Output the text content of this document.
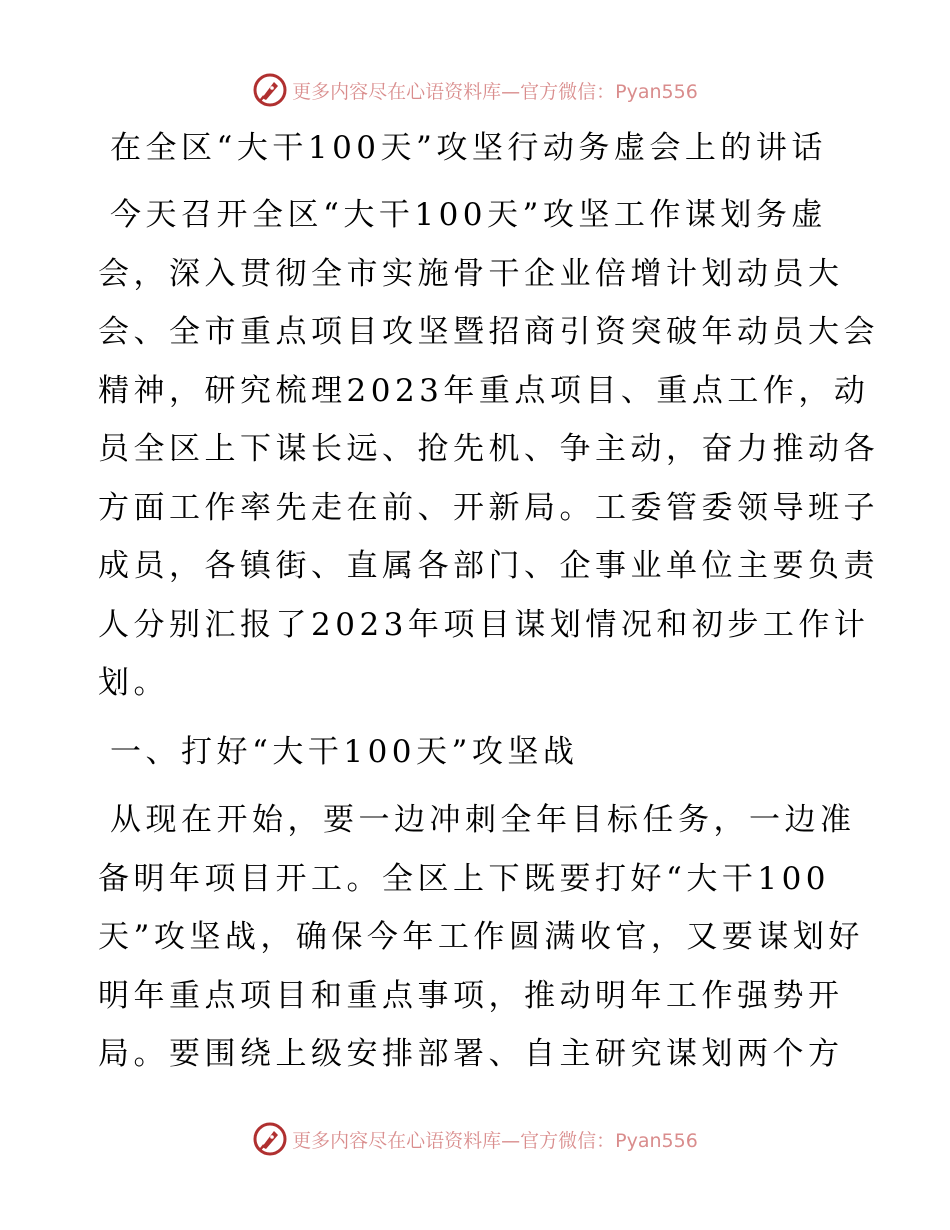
更多内容尽在心语资料库—官方微信：Pyan556
在全区“大干100天”攻坚行动务虚会上的讲话
今天召开全区“大干100天”攻坚工作谋划务虚
会，深入贯彻全市实施骨干企业倍增计划动员大
会、全市重点项目攻坚暨招商引资突破年动员大会
精神，研究梳理2023年重点项目、重点工作，动
员全区上下谋长远、抢先机、争主动，奋力推动各
方面工作率先走在前、开新局。工委管委领导班子
成员，各镇街、直属各部门、企事业单位主要负责
人分别汇报了2023年项目谋划情况和初步工作计
划。
一、打好“大干100天”攻坚战
从现在开始，要一边冲刺全年目标任务，一边准
备明年项目开工。全区上下既要打好“大干100
天”攻坚战，确保今年工作圆满收官，又要谋划好
明年重点项目和重点事项，推动明年工作强势开
局。要围绕上级安排部署、自主研究谋划两个方
更多内容尽在心语资料库—官方微信：Pyan556
